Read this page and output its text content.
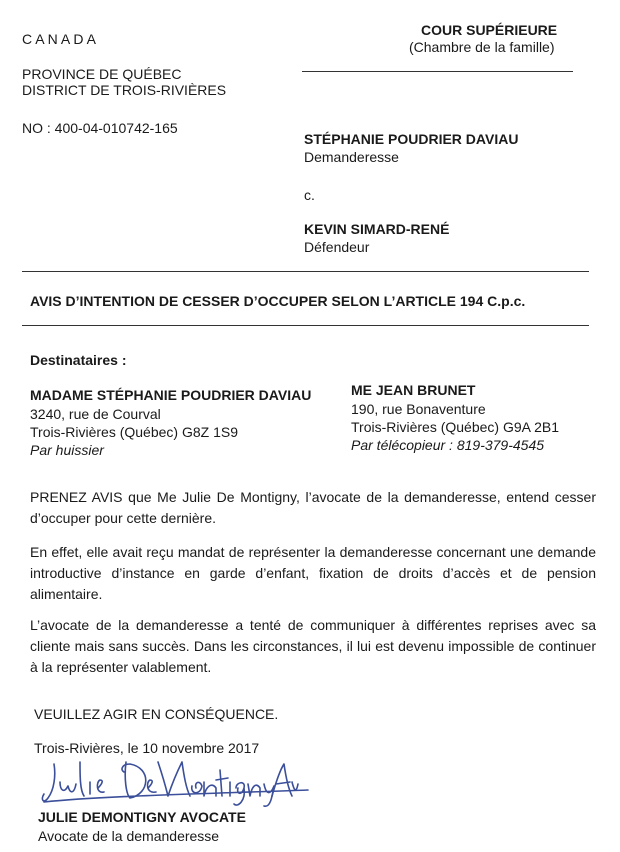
C A N A D A
PROVINCE DE QUÉBEC
DISTRICT DE TROIS-RIVIÈRES
NO : 400-04-010742-165
COUR SUPÉRIEURE
(Chambre de la famille)
STÉPHANIE POUDRIER DAVIAU
Demanderesse
c.
KEVIN SIMARD-RENÉ
Défendeur
AVIS D’INTENTION DE CESSER D’OCCUPER SELON L’ARTICLE 194 C.p.c.
Destinataires :
MADAME STÉPHANIE POUDRIER DAVIAU
3240, rue de Courval
Trois-Rivières (Québec) G8Z 1S9
Par huissier
ME JEAN BRUNET
190, rue Bonaventure
Trois-Rivières (Québec) G9A 2B1
Par télécopieur : 819-379-4545
PRENEZ AVIS que Me Julie De Montigny, l’avocate de la demanderesse, entend cesser d’occuper pour cette dernière.
En effet, elle avait reçu mandat de représenter la demanderesse concernant une demande introductive d’instance en garde d’enfant, fixation de droits d’accès et de pension alimentaire.
L’avocate de la demanderesse a tenté de communiquer à différentes reprises avec sa cliente mais sans succès. Dans les circonstances, il lui est devenu impossible de continuer à la représenter valablement.
VEUILLEZ AGIR EN CONSÉQUENCE.
Trois-Rivières, le 10 novembre 2017
JULIE DEMONTIGNY AVOCATE
Avocate de la demanderesse
